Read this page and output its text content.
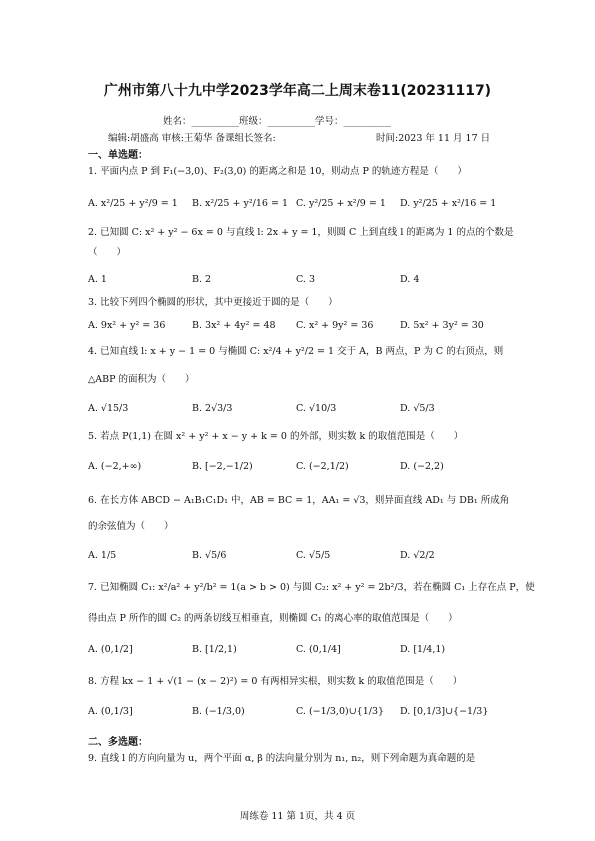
广州市第八十九中学2023学年高二上周末卷11(20231117)
姓名：__________班级：__________学号：__________
编辑:胡盛高 审核:王菊华 备课组长签名:	时间:2023 年 11 月 17 日
一、单选题：
1. 平面内点 P 到 F₁(−3,0)、F₂(3,0) 的距离之和是 10，则动点 P 的轨迹方程是（　　）
A. x²/25 + y²/9 = 1	B. x²/25 + y²/16 = 1 C. y²/25 + x²/9 = 1	D. y²/25 + x²/16 = 1
2. 已知圆 C: x² + y² − 6x = 0 与直线 l: 2x + y = 1，则圆 C 上到直线 l 的距离为 1 的点的个数是
（　　）
A. 1	B. 2	C. 3	D. 4
3. 比较下列四个椭圆的形状，其中更接近于圆的是（　　）
A. 9x² + y² = 36	B. 3x² + 4y² = 48	C. x² + 9y² = 36	D. 5x² + 3y² = 30
4. 已知直线 l: x + y − 1 = 0 与椭圆 C: x²/4 + y²/2 = 1 交于 A，B 两点，P 为 C 的右顶点，则
△ABP 的面积为（　　）
A. √15/3	B. 2√3/3	C. √10/3	D. √5/3
5. 若点 P(1,1) 在圆 x² + y² + x − y + k = 0 的外部，则实数 k 的取值范围是（　　）
A. (−2,+∞)	B. [−2,−1/2)	C. (−2,1/2)	D. (−2,2)
6. 在长方体 ABCD − A₁B₁C₁D₁ 中，AB = BC = 1，AA₁ = √3，则异面直线 AD₁ 与 DB₁ 所成角
的余弦值为（　　）
A. 1/5	B. √5/6	C. √5/5	D. √2/2
7. 已知椭圆 C₁: x²/a² + y²/b² = 1(a > b > 0) 与圆 C₂: x² + y² = 2b²/3，若在椭圆 C₁ 上存在点 P，使
得由点 P 所作的圆 C₂ 的两条切线互相垂直，则椭圆 C₁ 的离心率的取值范围是（　　）
A. (0,1/2]	B. [1/2,1)	C. (0,1/4]	D. [1/4,1)
8. 方程 kx − 1 + √(1 − (x − 2)²) = 0 有两相异实根，则实数 k 的取值范围是（　　）
A. (0,1/3]	B. (−1/3,0)	C. (−1/3,0)∪{1/3}	D. [0,1/3]∪{−1/3}
二、多选题：
9. 直线 l 的方向向量为 u，两个平面 α, β 的法向量分别为 n₁, n₂，则下列命题为真命题的是
周练卷 11 第 1页，共 4 页
